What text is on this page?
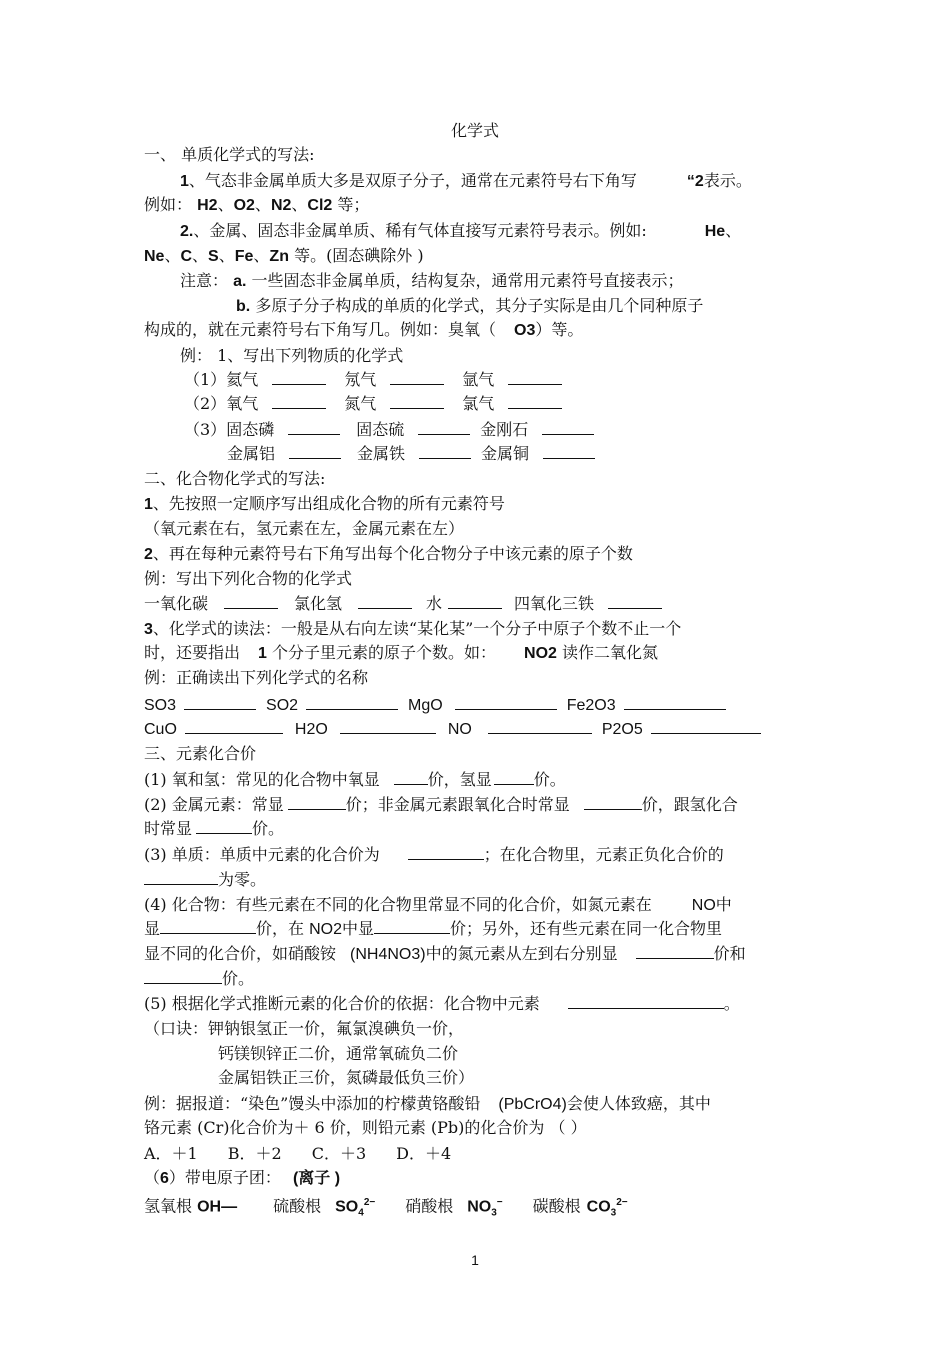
化学式
一、 单质化学式的写法:
1、气态非金属单质大多是双原子分子，通常在元素符号右下角写	“2表示。
例如： H2、O2、N2、Cl2 等；
2.、金属、固态非金属单质、稀有气体直接写元素符号表示。例如:	He、
Ne、C、S、Fe、Zn 等。(固态碘除外 )
注意： a. 一些固态非金属单质，结构复杂，通常用元素符号直接表示；
b. 多原子分子构成的单质的化学式，其分子实际是由几个同种原子
构成的，就在元素符号右下角写几。例如：臭氧（ O3）等。
例： 1、写出下列物质的化学式
（1）氦气	氖气	氩气
（2）氧气	氮气	氯气
（3）固态磷	固态硫	金刚石
金属铝	金属铁	金属铜
二、化合物化学式的写法:
1、先按照一定顺序写出组成化合物的所有元素符号
（氧元素在右，氢元素在左，金属元素在左）
2、再在每种元素符号右下角写出每个化合物分子中该元素的原子个数
例：写出下列化合物的化学式
一氧化碳	氯化氢	水	四氧化三铁
3、化学式的读法：一般是从右向左读“某化某”一个分子中原子个数不止一个
时，还要指出 1 个分子里元素的原子个数。如： NO2 读作二氧化氮
例：正确读出下列化学式的名称
SO3	SO2	MgO	Fe2O3
CuO	H2O	NO	P2O5
三、元素化合价
(1) 氧和氢：常见的化合物中氧显	价，氢显	价。
(2) 金属元素：常显	价；非金属元素跟氧化合时常显	价，跟氢化合
时常显	价。
(3) 单质：单质中元素的化合价为	；在化合物里，元素正负化合价的
为零。
(4) 化合物：有些元素在不同的化合物里常显不同的化合价，如氮元素在	NO中
显	价，在 NO2中显	价；另外，还有些元素在同一化合物里
显不同的化合价，如硝酸铵 (NH4NO3)中的氮元素从左到右分别显	价和
价。
(5) 根据化学式推断元素的化合价的依据：化合物中元素	。
（口诀：钾钠银氢正一价，氟氯溴碘负一价，
钙镁钡锌正二价，通常氧硫负二价
金属铝铁正三价，氮磷最低负三价）
例：据报道：“染色”馒头中添加的柠檬黄铬酸铅 (PbCrO4)会使人体致癌，其中
铬元素 (Cr)化合价为＋ 6 价，则铅元素 (Pb)的化合价为 （ ）
A．＋1 B．＋2 C．＋3 D．＋4
（6）带电原子团： (离子 )
氢氧根 OH— 硫酸根 $SO_4^{2-}$ 硝酸根 $NO_3^-$ 碳酸根 $CO_3^{2-}$
1
